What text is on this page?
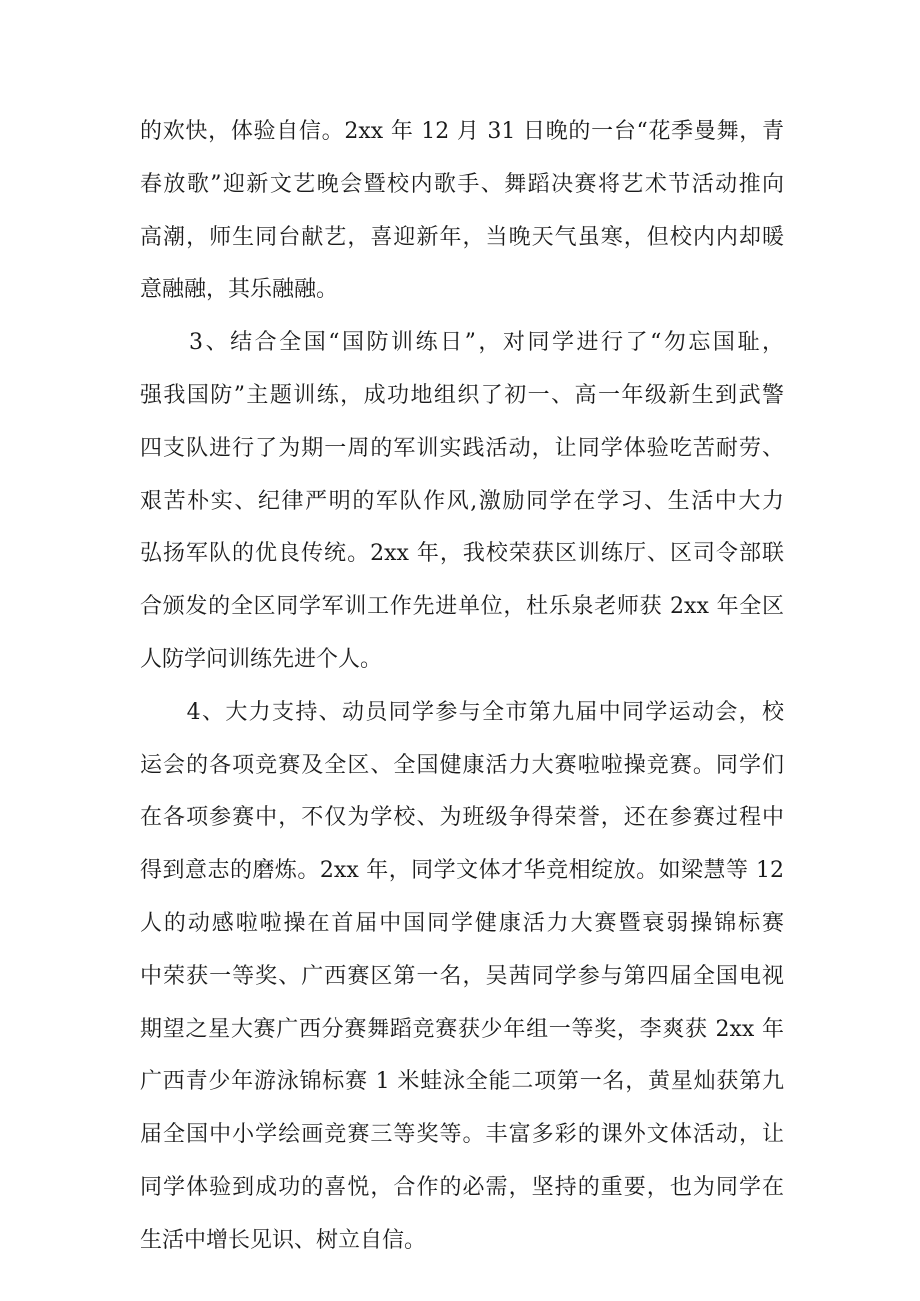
的欢快，体验自信。2xx 年 12 月 31 日晚的一台“花季曼舞，青
春放歌”迎新文艺晚会暨校内歌手、舞蹈决赛将艺术节活动推向
高潮，师生同台献艺，喜迎新年，当晚天气虽寒，但校内内却暖
意融融，其乐融融。
　　3、结合全国“国防训练日”，对同学进行了“勿忘国耻，
强我国防”主题训练，成功地组织了初一、高一年级新生到武警
四支队进行了为期一周的军训实践活动，让同学体验吃苦耐劳、
艰苦朴实、纪律严明的军队作风,激励同学在学习、生活中大力
弘扬军队的优良传统。2xx 年，我校荣获区训练厅、区司令部联
合颁发的全区同学军训工作先进单位，杜乐泉老师获 2xx 年全区
人防学问训练先进个人。
　　4、大力支持、动员同学参与全市第九届中同学运动会，校
运会的各项竞赛及全区、全国健康活力大赛啦啦操竞赛。同学们
在各项参赛中，不仅为学校、为班级争得荣誉，还在参赛过程中
得到意志的磨炼。2xx 年，同学文体才华竞相绽放。如梁慧等 12
人的动感啦啦操在首届中国同学健康活力大赛暨衰弱操锦标赛
中荣获一等奖、广西赛区第一名，吴茜同学参与第四届全国电视
期望之星大赛广西分赛舞蹈竞赛获少年组一等奖，李爽获 2xx 年
广西青少年游泳锦标赛 1 米蛙泳全能二项第一名，黄星灿获第九
届全国中小学绘画竞赛三等奖等。丰富多彩的课外文体活动，让
同学体验到成功的喜悦，合作的必需，坚持的重要，也为同学在
生活中增长见识、树立自信。
